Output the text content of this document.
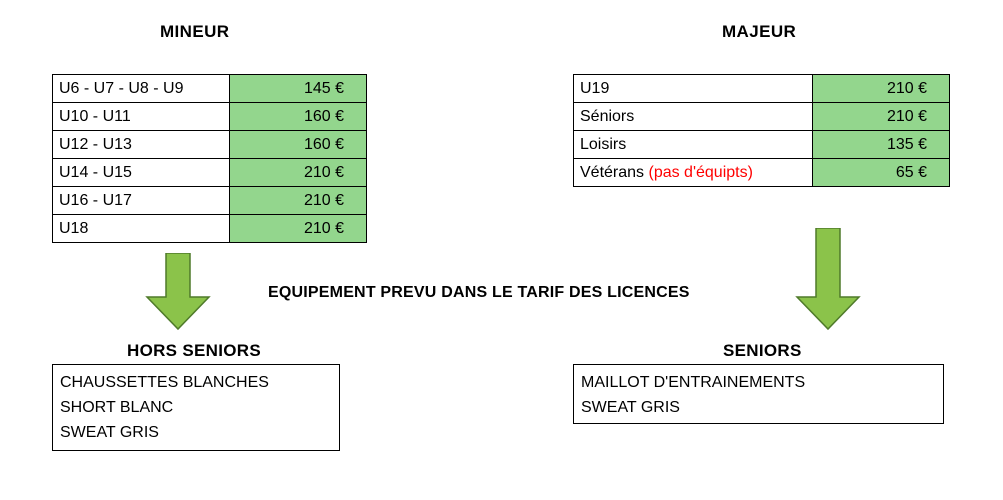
MINEUR	MAJEUR
U6 - U7 - U8 - U9	145 €
U10 - U11	160 €
U12 - U13	160 €
U14 - U15	210 €
U16 - U17	210 €
U18	210 €
U19	210 €
Séniors	210 €
Loisirs	135 €
Vétérans (pas d'équipts)	65 €
EQUIPEMENT PREVU DANS LE TARIF DES LICENCES
HORS SENIORS	SENIORS
CHAUSSETTES BLANCHES
SHORT BLANC
SWEAT GRIS
MAILLOT D'ENTRAINEMENTS
SWEAT GRIS
